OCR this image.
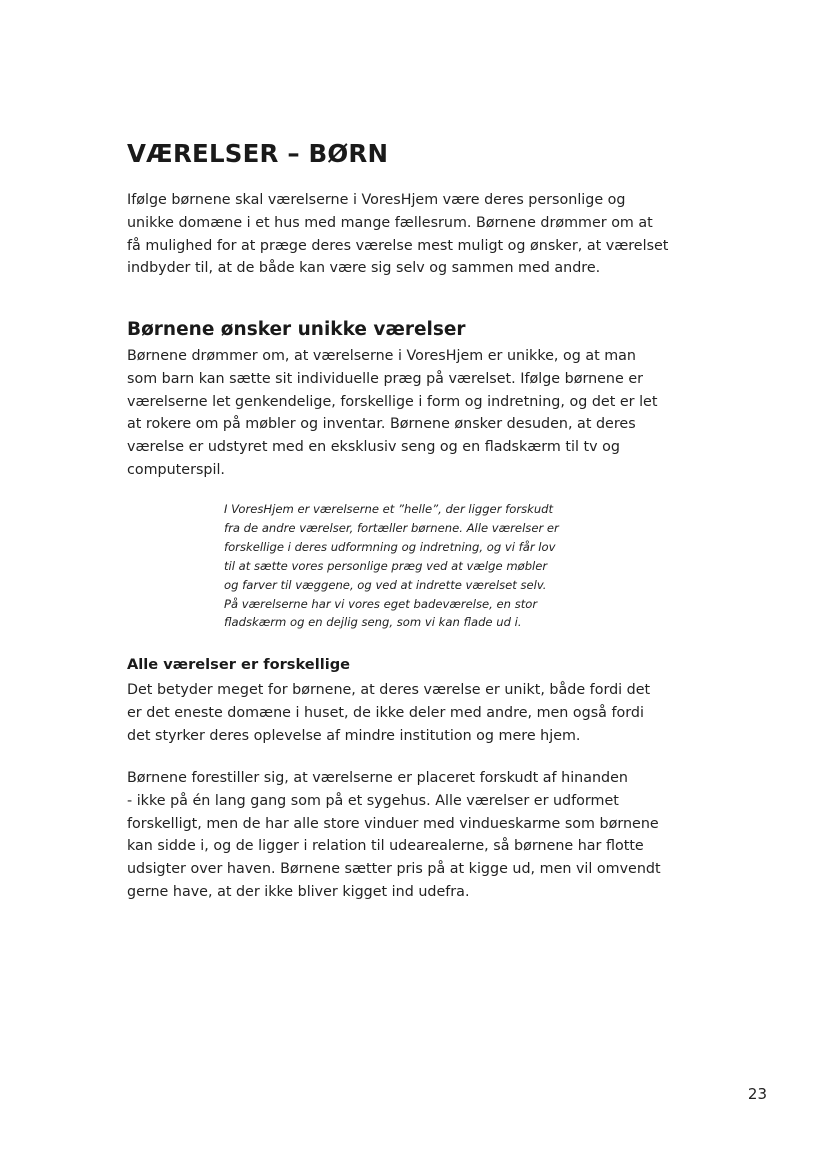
VÆRELSER – BØRN

Ifølge børnene skal værelserne i VoresHjem være deres personlige og
unikke domæne i et hus med mange fællesrum. Børnene drømmer om at
få mulighed for at præge deres værelse mest muligt og ønsker, at værelset
indbyder til, at de både kan være sig selv og sammen med andre.

Børnene ønsker unikke værelser

Børnene drømmer om, at værelserne i VoresHjem er unikke, og at man
som barn kan sætte sit individuelle præg på værelset. Ifølge børnene er
værelserne let genkendelige, forskellige i form og indretning, og det er let
at rokere om på møbler og inventar. Børnene ønsker desuden, at deres
værelse er udstyret med en eksklusiv seng og en fladskærm til tv og
computerspil.

I VoresHjem er værelserne et ”helle”, der ligger forskudt
fra de andre værelser, fortæller børnene. Alle værelser er
forskellige i deres udformning og indretning, og vi får lov
til at sætte vores personlige præg ved at vælge møbler
og farver til væggene, og ved at indrette værelset selv.
På værelserne har vi vores eget badeværelse, en stor
fladskærm og en dejlig seng, som vi kan flade ud i.
Alle værelser er forskellige

Det betyder meget for børnene, at deres værelse er unikt, både fordi det
er det eneste domæne i huset, de ikke deler med andre, men også fordi
det styrker deres oplevelse af mindre institution og mere hjem.

Børnene forestiller sig, at værelserne er placeret forskudt af hinanden
- ikke på én lang gang som på et sygehus. Alle værelser er udformet
forskelligt, men de har alle store vinduer med vindueskarme som børnene
kan sidde i, og de ligger i relation til udearealerne, så børnene har flotte
udsigter over haven. Børnene sætter pris på at kigge ud, men vil omvendt
gerne have, at der ikke bliver kigget ind udefra.

23
